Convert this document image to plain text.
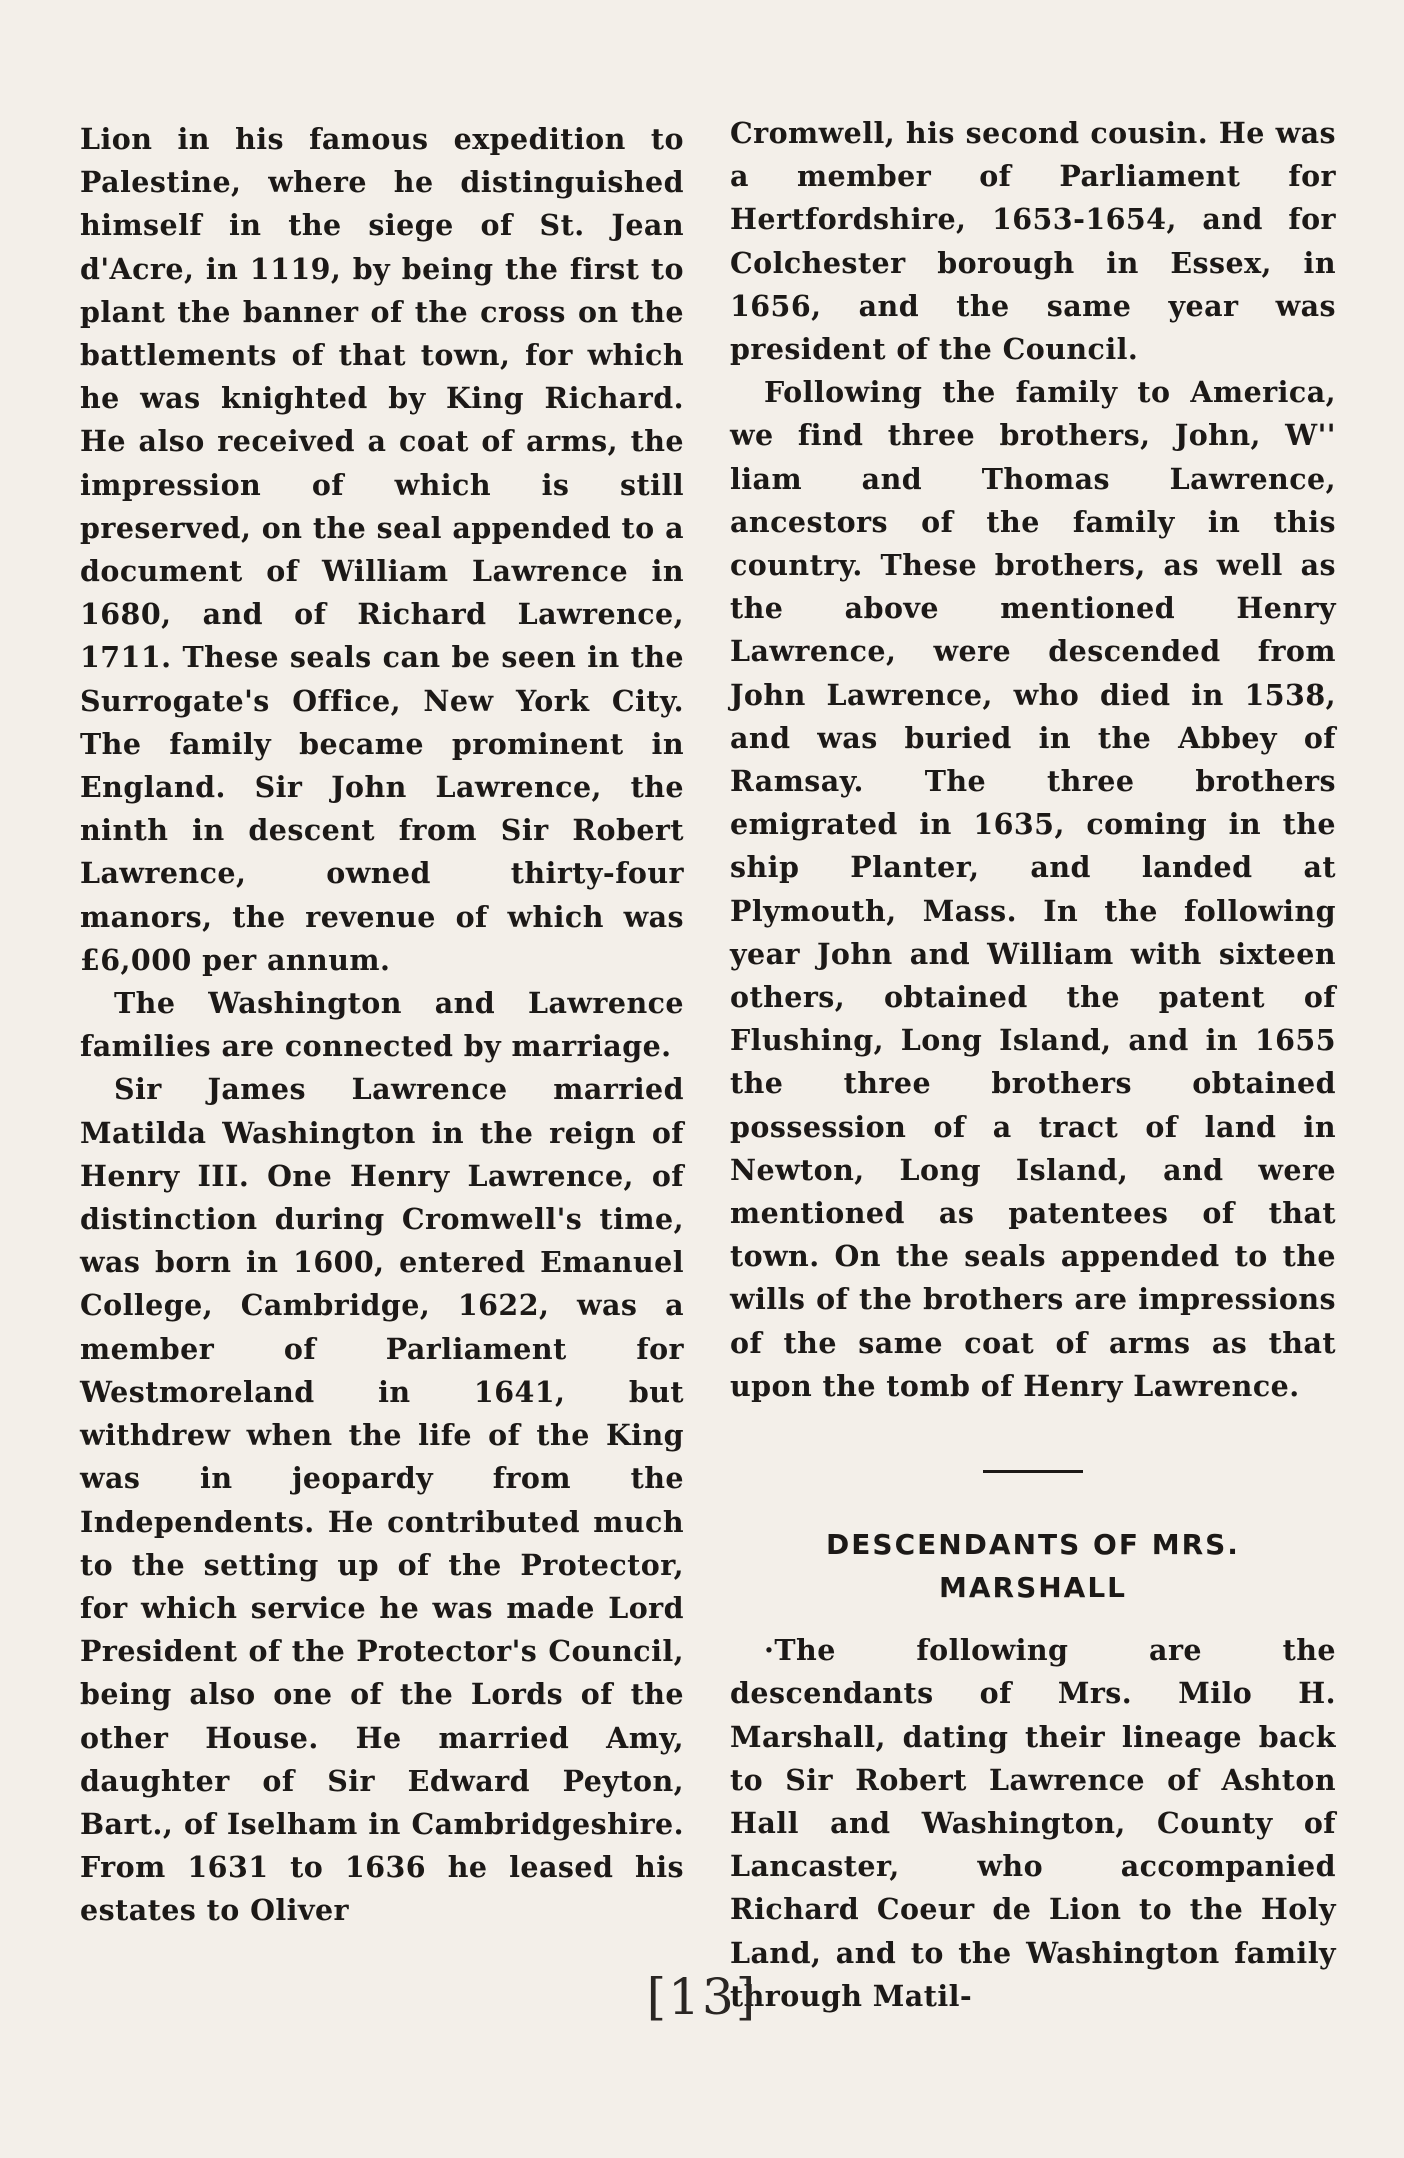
Lion in his famous expedition to Palestine, where he distinguished himself in the siege of St. Jean d'Acre, in 1119, by being the first to plant the banner of the cross on the battlements of that town, for which he was knighted by King Richard. He also received a coat of arms, the impression of which is still preserved, on the seal appended to a document of William Lawrence in 1680, and of Richard Lawrence, 1711. These seals can be seen in the Surrogate's Office, New York City. The family became prominent in England. Sir John Lawrence, the ninth in descent from Sir Robert Lawrence, owned thirty-four manors, the revenue of which was £6,000 per annum.

The Washington and Lawrence families are connected by marriage.

Sir James Lawrence married Matilda Washington in the reign of Henry III. One Henry Lawrence, of distinction during Cromwell's time, was born in 1600, entered Emanuel College, Cambridge, 1622, was a member of Parliament for Westmoreland in 1641, but withdrew when the life of the King was in jeopardy from the Independents. He contributed much to the setting up of the Protector, for which service he was made Lord President of the Protector's Council, being also one of the Lords of the other House. He married Amy, daughter of Sir Edward Peyton, Bart., of Iselham in Cambridgeshire. From 1631 to 1636 he leased his estates to Oliver

Cromwell, his second cousin. He was a member of Parliament for Hertfordshire, 1653-1654, and for Colchester borough in Essex, in 1656, and the same year was president of the Council.

Following the family to America, we find three brothers, John, W'' liam and Thomas Lawrence, ancestors of the family in this country. These brothers, as well as the above mentioned Henry Lawrence, were descended from John Lawrence, who died in 1538, and was buried in the Abbey of Ramsay. The three brothers emigrated in 1635, coming in the ship Planter, and landed at Plymouth, Mass. In the following year John and William with sixteen others, obtained the patent of Flushing, Long Island, and in 1655 the three brothers obtained possession of a tract of land in Newton, Long Island, and were mentioned as patentees of that town. On the seals appended to the wills of the brothers are impressions of the same coat of arms as that upon the tomb of Henry Lawrence.

DESCENDANTS OF MRS. MARSHALL

·The following are the descendants of Mrs. Milo H. Marshall, dating their lineage back to Sir Robert Lawrence of Ashton Hall and Washington, County of Lancaster, who accompanied Richard Coeur de Lion to the Holy Land, and to the Washington family through Matil-

[13]
